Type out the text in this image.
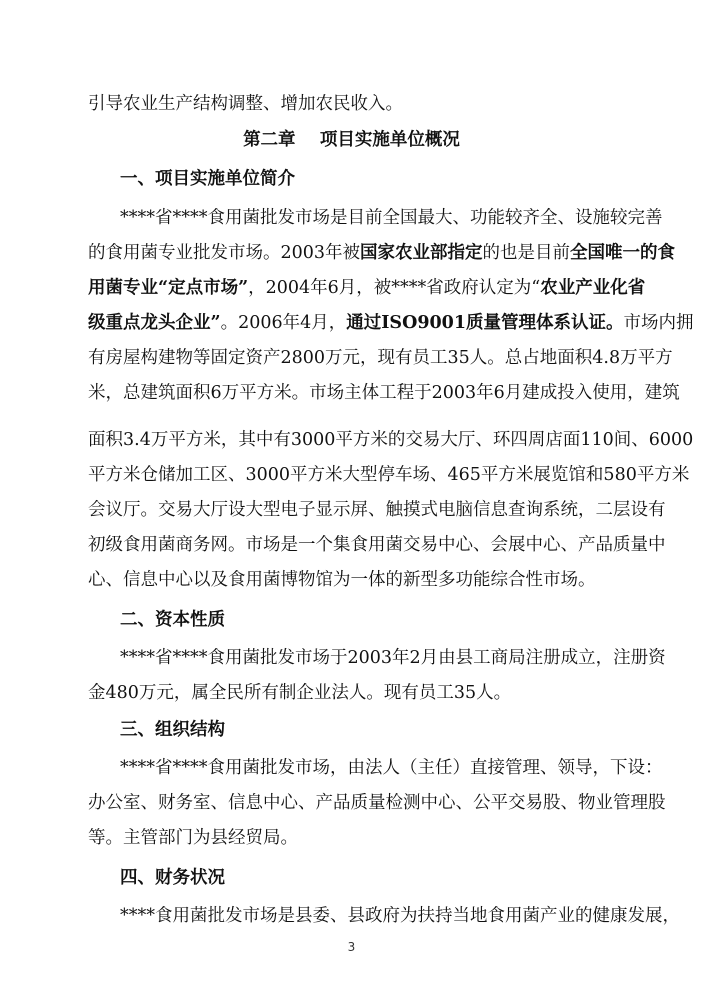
引导农业生产结构调整、增加农民收入。
第二章    项目实施单位概况
一、项目实施单位简介
****省****食用菌批发市场是目前全国最大、功能较齐全、设施较完善
的食用菌专业批发市场。2003年被国家农业部指定的也是目前全国唯一的食
用菌专业“定点市场”，2004年6月，被****省政府认定为“农业产业化省
级重点龙头企业”。2006年4月，通过ISO9001质量管理体系认证。市场内拥
有房屋构建物等固定资产2800万元，现有员工35人。总占地面积4.8万平方
米，总建筑面积6万平方米。市场主体工程于2003年6月建成投入使用，建筑
面积3.4万平方米，其中有3000平方米的交易大厅、环四周店面110间、6000
平方米仓储加工区、3000平方米大型停车场、465平方米展览馆和580平方米
会议厅。交易大厅设大型电子显示屏、触摸式电脑信息查询系统，二层设有
初级食用菌商务网。市场是一个集食用菌交易中心、会展中心、产品质量中
心、信息中心以及食用菌博物馆为一体的新型多功能综合性市场。
二、资本性质
****省****食用菌批发市场于2003年2月由县工商局注册成立，注册资
金480万元，属全民所有制企业法人。现有员工35人。
三、组织结构
****省****食用菌批发市场，由法人（主任）直接管理、领导，下设：
办公室、财务室、信息中心、产品质量检测中心、公平交易股、物业管理股
等。主管部门为县经贸局。
四、财务状况
****食用菌批发市场是县委、县政府为扶持当地食用菌产业的健康发展，
3
